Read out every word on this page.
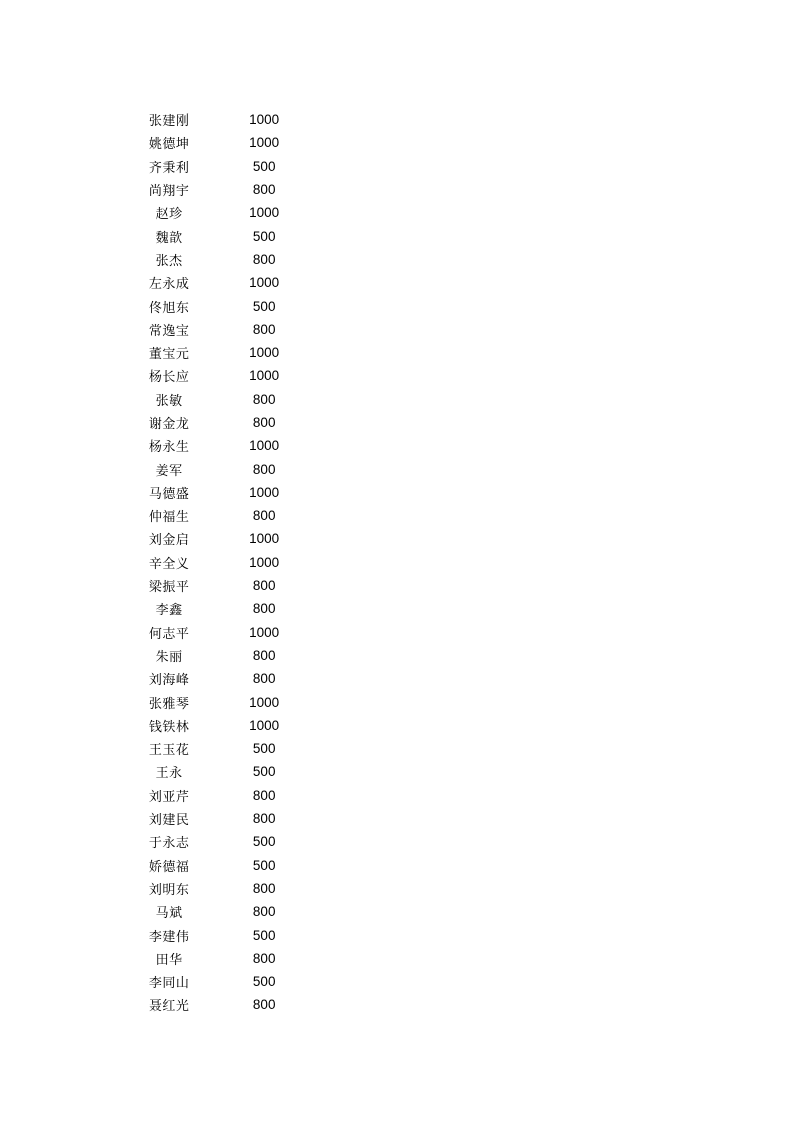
张建刚	1000
姚德坤	1000
齐秉利	500
尚翔宇	800
赵珍	1000
魏歆	500
张杰	800
左永成	1000
佟旭东	500
常逸宝	800
董宝元	1000
杨长应	1000
张敏	800
谢金龙	800
杨永生	1000
姜军	800
马德盛	1000
仲福生	800
刘金启	1000
辛全义	1000
梁振平	800
李鑫	800
何志平	1000
朱丽	800
刘海峰	800
张雅琴	1000
钱铁林	1000
王玉花	500
王永	500
刘亚芹	800
刘建民	800
于永志	500
娇德福	500
刘明东	800
马斌	800
李建伟	500
田华	800
李同山	500
聂红光	800
